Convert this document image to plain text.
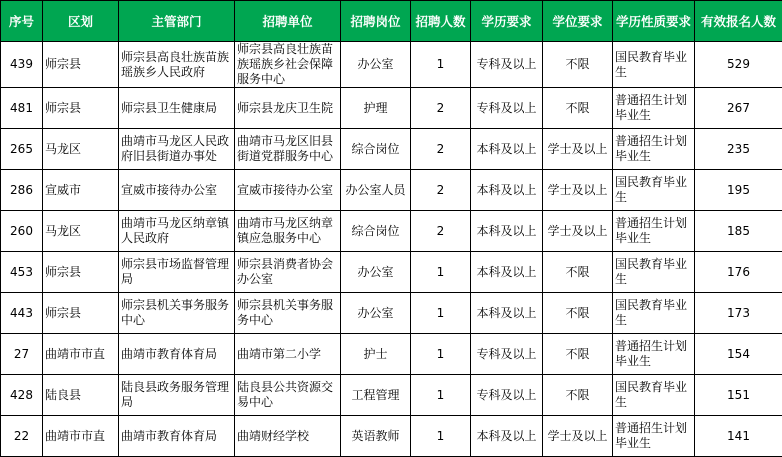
序号	区划	主管部门	招聘单位	招聘岗位	招聘人数	学历要求	学位要求	学历性质要求	有效报名人数
439	师宗县	师宗县高良壮族苗族瑶族乡人民政府	师宗县高良壮族苗族瑶族乡社会保障服务中心	办公室	1	专科及以上	不限	国民教育毕业生	529
481	师宗县	师宗县卫生健康局	师宗县龙庆卫生院	护理	2	专科及以上	不限	普通招生计划毕业生	267
265	马龙区	曲靖市马龙区人民政府旧县街道办事处	曲靖市马龙区旧县街道党群服务中心	综合岗位	2	本科及以上	学士及以上	普通招生计划毕业生	235
286	宣威市	宣威市接待办公室	宣威市接待办公室	办公室人员	2	本科及以上	学士及以上	国民教育毕业生	195
260	马龙区	曲靖市马龙区纳章镇人民政府	曲靖市马龙区纳章镇应急服务中心	综合岗位	2	本科及以上	学士及以上	普通招生计划毕业生	185
453	师宗县	师宗县市场监督管理局	师宗县消费者协会办公室	办公室	1	本科及以上	不限	国民教育毕业生	176
443	师宗县	师宗县机关事务服务中心	师宗县机关事务服务中心	办公室	1	本科及以上	不限	国民教育毕业生	173
27	曲靖市市直	曲靖市教育体育局	曲靖市第二小学	护士	1	专科及以上	不限	普通招生计划毕业生	154
428	陆良县	陆良县政务服务管理局	陆良县公共资源交易中心	工程管理	1	专科及以上	不限	国民教育毕业生	151
22	曲靖市市直	曲靖市教育体育局	曲靖财经学校	英语教师	1	本科及以上	学士及以上	普通招生计划毕业生	141
